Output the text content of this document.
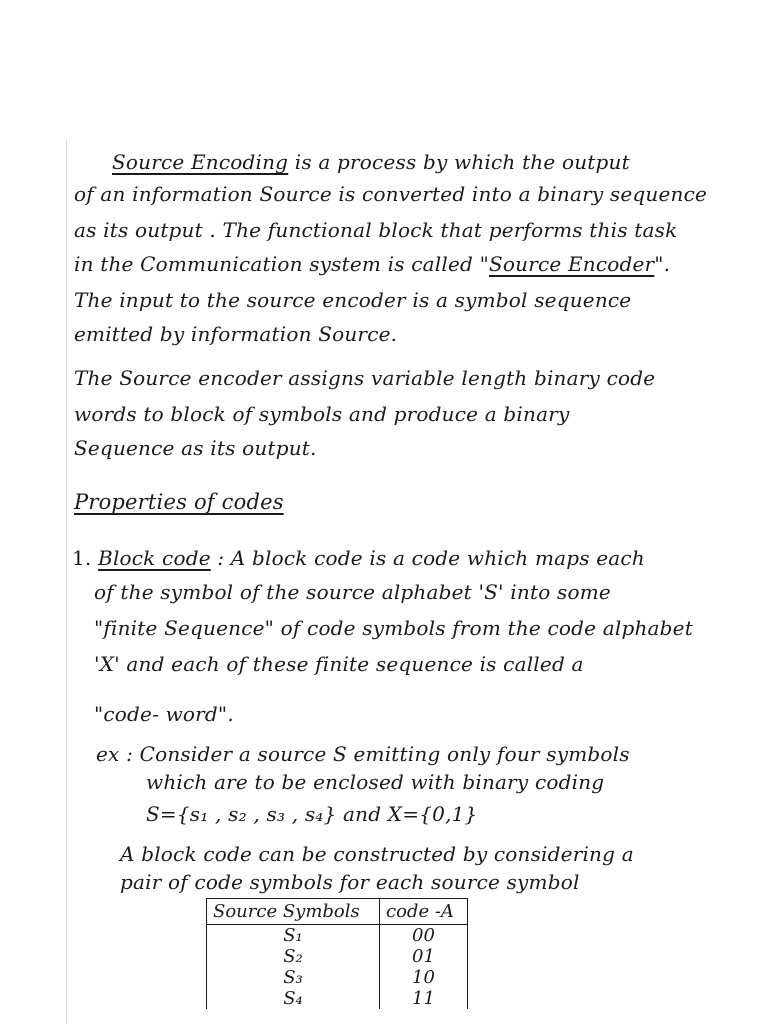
Source Encoding is a process by which the output
of an information Source is converted into a binary sequence
as its output . The functional block that performs this task
in the Communication system is called "Source Encoder".
The input to the source encoder is a symbol sequence
emitted by information Source.
The Source encoder assigns variable length binary code
words to block of symbols and produce a binary
Sequence as its output.
Properties of codes
1. Block code : A block code is a code which maps each
of the symbol of the source alphabet 'S' into some
"finite Sequence" of code symbols from the code alphabet
'X' and each of these finite sequence is called a
"code- word".
ex : Consider a source S emitting only four symbols
which are to be enclosed with binary coding
S={s₁ , s₂ , s₃ , s₄} and X={0,1}
A block code can be constructed by considering a
pair of code symbols for each source symbol
Source Symbols	code -A
S₁	00
S₂	01
S₃	10
S₄	11
